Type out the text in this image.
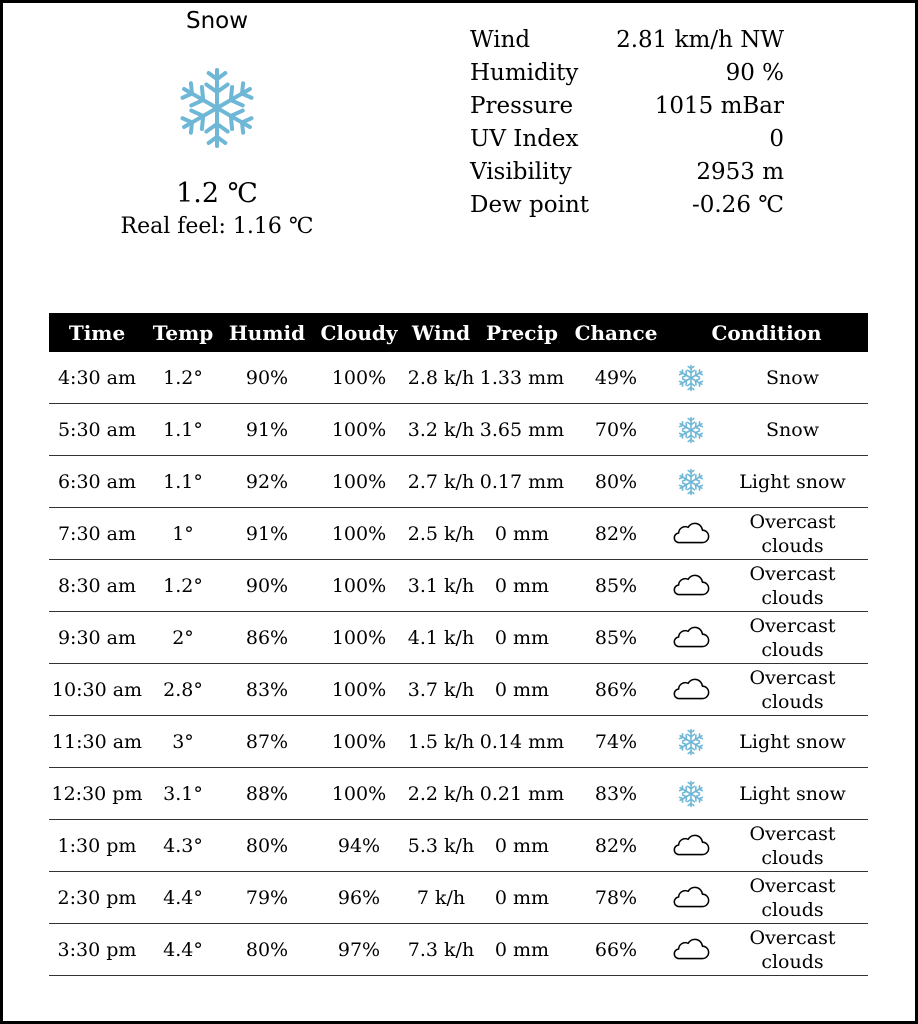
Snow
1.2 ℃
Real feel: 1.16 ℃
Wind	2.81 km/h NW
Humidity	90 %
Pressure	1015 mBar
UV Index	0
Visibility	2953 m
Dew point	-0.26 ℃
Time	Temp	Humid	Cloudy	Wind	Precip	Chance	Condition	
4:30 am	1.2°	90%	100%	2.8 k/h	1.33 mm	49%		Snow
5:30 am	1.1°	91%	100%	3.2 k/h	3.65 mm	70%		Snow
6:30 am	1.1°	92%	100%	2.7 k/h	0.17 mm	80%		Light snow
7:30 am	1°	91%	100%	2.5 k/h	0 mm	82%		Overcast clouds
8:30 am	1.2°	90%	100%	3.1 k/h	0 mm	85%		Overcast clouds
9:30 am	2°	86%	100%	4.1 k/h	0 mm	85%		Overcast clouds
10:30 am	2.8°	83%	100%	3.7 k/h	0 mm	86%		Overcast clouds
11:30 am	3°	87%	100%	1.5 k/h	0.14 mm	74%		Light snow
12:30 pm	3.1°	88%	100%	2.2 k/h	0.21 mm	83%		Light snow
1:30 pm	4.3°	80%	94%	5.3 k/h	0 mm	82%		Overcast clouds
2:30 pm	4.4°	79%	96%	7 k/h	0 mm	78%		Overcast clouds
3:30 pm	4.4°	80%	97%	7.3 k/h	0 mm	66%		Overcast clouds
